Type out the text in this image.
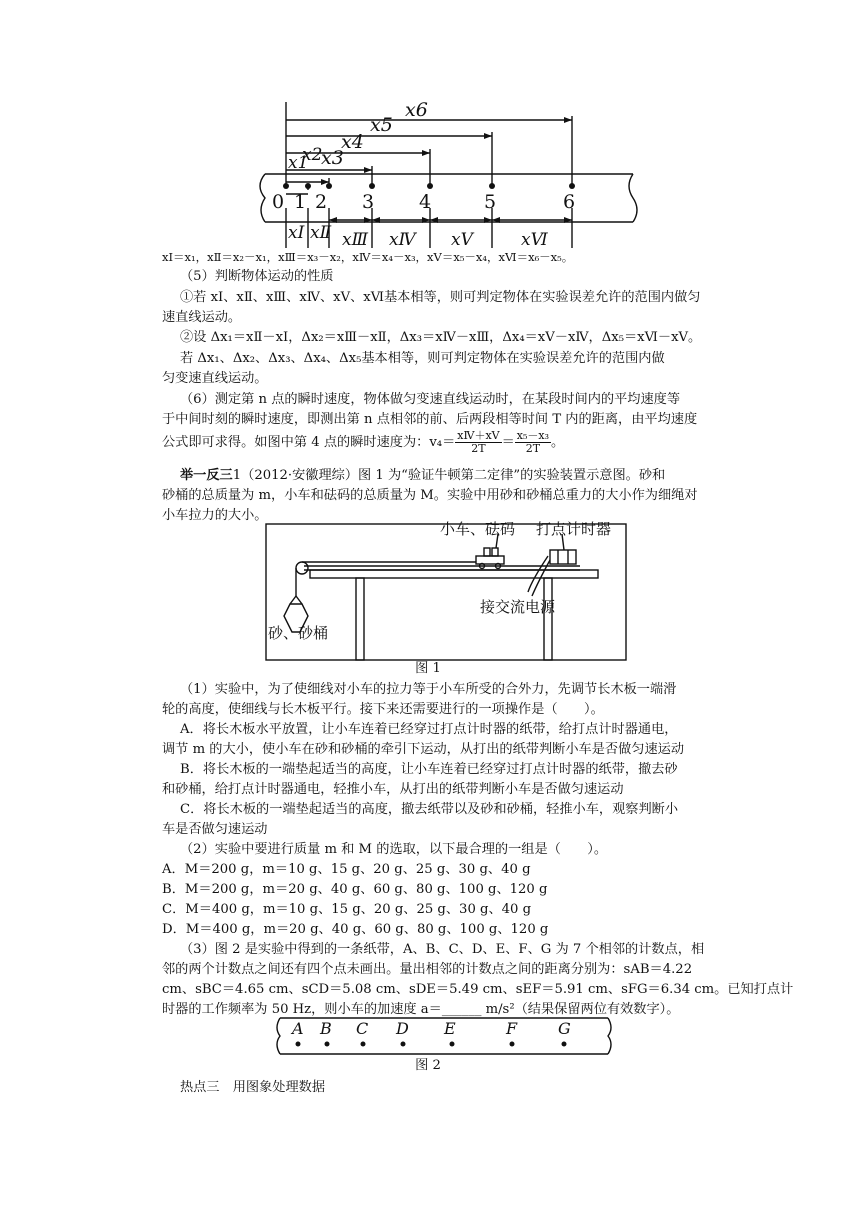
x6
x5
x4
x3
x2
x1
0 1 2 3 4	5	6
xⅠ xⅡ xⅢ xⅣ xⅤ	xⅥ
xⅠ＝x₁，xⅡ＝x₂－x₁，xⅢ＝x₃－x₂，xⅣ＝x₄－x₃，xⅤ＝x₅－x₄，xⅥ＝x₆－x₅。
（5）判断物体运动的性质
①若 xⅠ、xⅡ、xⅢ、xⅣ、xⅤ、xⅥ基本相等，则可判定物体在实验误差允许的范围内做匀
速直线运动。
②设 Δx₁＝xⅡ－xⅠ，Δx₂＝xⅢ－xⅡ，Δx₃＝xⅣ－xⅢ，Δx₄＝xⅤ－xⅣ，Δx₅＝xⅥ－xⅤ。
若 Δx₁、Δx₂、Δx₃、Δx₄、Δx₅基本相等，则可判定物体在实验误差允许的范围内做
匀变速直线运动。
（6）测定第 n 点的瞬时速度，物体做匀变速直线运动时，在某段时间内的平均速度等
于中间时刻的瞬时速度，即测出第 n 点相邻的前、后两段相等时间 T 内的距离，由平均速度
公式即可求得。如图中第 4 点的瞬时速度为：$v_4= \frac{\text{xⅣ＋xⅤ}}{2T} = \frac{\text{x₅－x₃}}{2T}$ 。
举一反三1（2012·安徽理综）图 1 为“验证牛顿第二定律”的实验装置示意图。砂和
砂桶的总质量为 m，小车和砝码的总质量为 M。实验中用砂和砂桶总重力的大小作为细绳对
小车拉力的大小。
小车、砝码 打点计时器
接交流电源
砂、砂桶
图 1
（1）实验中，为了使细线对小车的拉力等于小车所受的合外力，先调节长木板一端滑
轮的高度，使细线与长木板平行。接下来还需要进行的一项操作是（　　）。
A．将长木板水平放置，让小车连着已经穿过打点计时器的纸带，给打点计时器通电，
调节 m 的大小，使小车在砂和砂桶的牵引下运动，从打出的纸带判断小车是否做匀速运动
B．将长木板的一端垫起适当的高度，让小车连着已经穿过打点计时器的纸带，撤去砂
和砂桶，给打点计时器通电，轻推小车，从打出的纸带判断小车是否做匀速运动
C．将长木板的一端垫起适当的高度，撤去纸带以及砂和砂桶，轻推小车，观察判断小
车是否做匀速运动
（2）实验中要进行质量 m 和 M 的选取，以下最合理的一组是（　　）。
A．M＝200 g，m＝10 g、15 g、20 g、25 g、30 g、40 g
B．M＝200 g，m＝20 g、40 g、60 g、80 g、100 g、120 g
C．M＝400 g，m＝10 g、15 g、20 g、25 g、30 g、40 g
D．M＝400 g，m＝20 g、40 g、60 g、80 g、100 g、120 g
（3）图 2 是实验中得到的一条纸带，A、B、C、D、E、F、G 为 7 个相邻的计数点，相
邻的两个计数点之间还有四个点未画出。量出相邻的计数点之间的距离分别为：sAB＝4.22
cm、sBC＝4.65 cm、sCD＝5.08 cm、sDE＝5.49 cm、sEF＝5.91 cm、sFG＝6.34 cm。已知打点计
时器的工作频率为 50 Hz，则小车的加速度 a＝______ m/s²（结果保留两位有效数字）。
A B C D E	F	G
图 2
热点三　用图象处理数据
